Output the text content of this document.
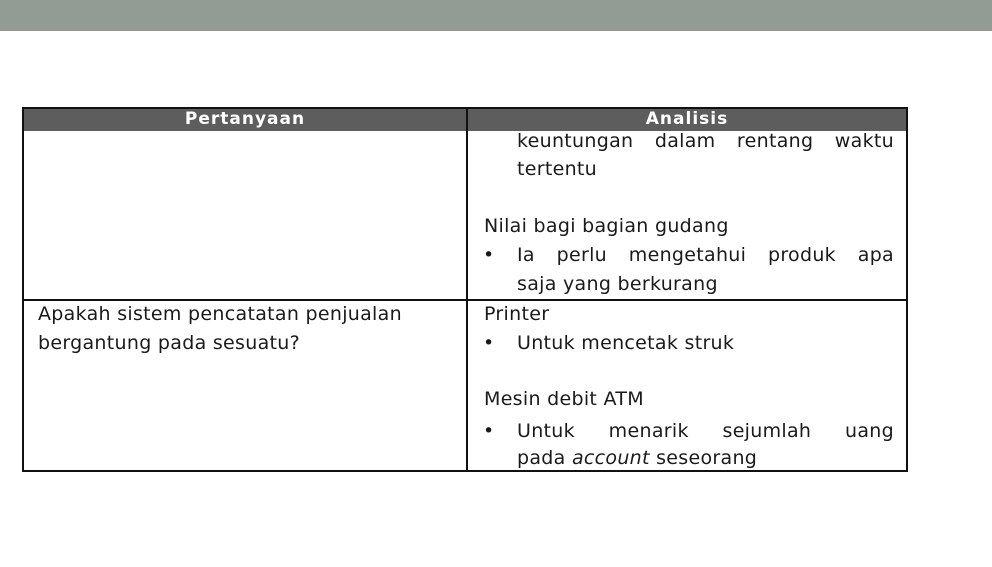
Pertanyaan	Analisis
keuntungan dalam rentang waktu
tertentu
Nilai bagi bagian gudang
• Ia perlu mengetahui produk apa
saja yang berkurang
Apakah sistem pencatatan penjualan
bergantung pada sesuatu?
Printer
• Untuk mencetak struk
Mesin debit ATM
• Untuk menarik sejumlah uang
pada account seseorang
